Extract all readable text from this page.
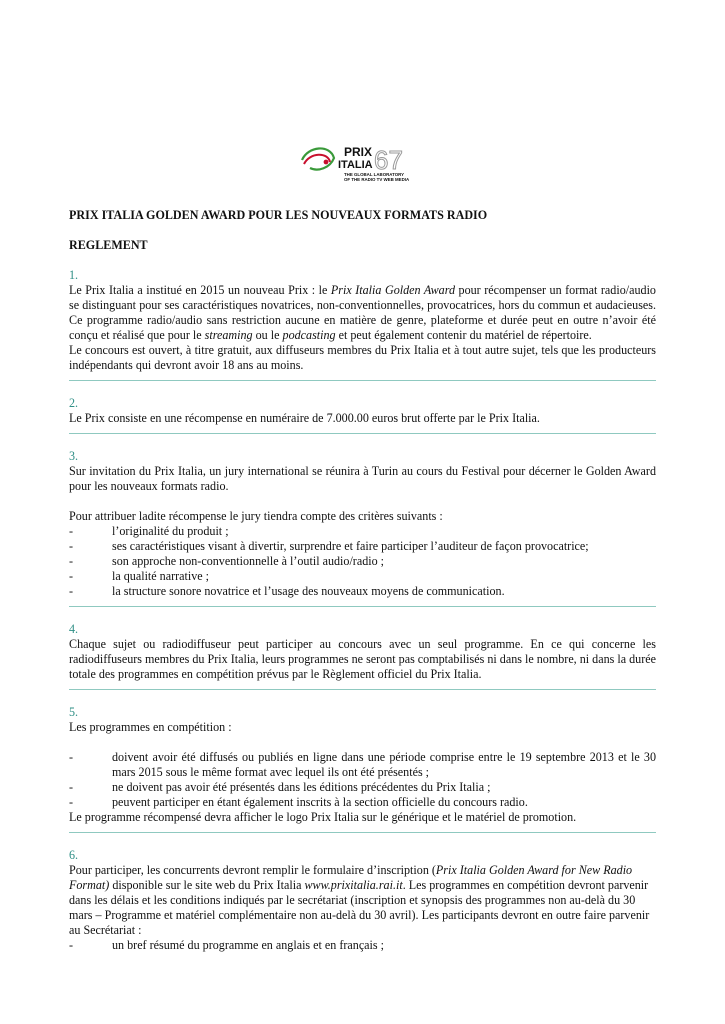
PRIX
ITALIA 67
THE GLOBAL LABORATORY
OF THE RADIO TV WEB MEDIA

PRIX ITALIA GOLDEN AWARD POUR LES NOUVEAUX FORMATS RADIO

REGLEMENT

1.

Le Prix Italia a institué en 2015 un nouveau Prix : le Prix Italia Golden Award pour récompenser un format radio/audio se distinguant pour ses caractéristiques novatrices, non-conventionnelles, provocatrices, hors du commun et audacieuses. Ce programme radio/audio sans restriction aucune en matière de genre, plateforme et durée peut en outre n’avoir été conçu et réalisé que pour le streaming ou le podcasting et peut également contenir du matériel de répertoire.

Le concours est ouvert, à titre gratuit, aux diffuseurs membres du Prix Italia et à tout autre sujet, tels que les producteurs indépendants qui devront avoir 18 ans au moins.

2.

Le Prix consiste en une récompense en numéraire de 7.000.00 euros brut offerte par le Prix Italia.

3.

Sur invitation du Prix Italia, un jury international se réunira à Turin au cours du Festival pour décerner le Golden Award pour les nouveaux formats radio.

Pour attribuer ladite récompense le jury tiendra compte des critères suivants :

-	l’originalité du produit ;
-	ses caractéristiques visant à divertir, surprendre et faire participer l’auditeur de façon provocatrice;
-	son approche non-conventionnelle à l’outil audio/radio ;
-	la qualité narrative ;
-	la structure sonore novatrice et l’usage des nouveaux moyens de communication.
4.

Chaque sujet ou radiodiffuseur peut participer au concours avec un seul programme. En ce qui concerne les radiodiffuseurs membres du Prix Italia, leurs programmes ne seront pas comptabilisés ni dans le nombre, ni dans la durée totale des programmes en compétition prévus par le Règlement officiel du Prix Italia.

5.

Les programmes en compétition :

-	doivent avoir été diffusés ou publiés en ligne dans une période comprise entre le 19 septembre 2013 et le 30 mars 2015 sous le même format avec lequel ils ont été présentés ;
-	ne doivent pas avoir été présentés dans les éditions précédentes du Prix Italia ;
-	peuvent participer en étant également inscrits à la section officielle du concours radio.

Le programme récompensé devra afficher le logo Prix Italia sur le générique et le matériel de promotion.

6.

Pour participer, les concurrents devront remplir le formulaire d’inscription (Prix Italia Golden Award for New Radio Format) disponible sur le site web du Prix Italia www.prixitalia.rai.it. Les programmes en compétition devront parvenir dans les délais et les conditions indiqués par le secrétariat (inscription et synopsis des programmes non au-delà du 30 mars – Programme et matériel complémentaire non au-delà du 30 avril). Les participants devront en outre faire parvenir au Secrétariat :

-	un bref résumé du programme en anglais et en français ;
